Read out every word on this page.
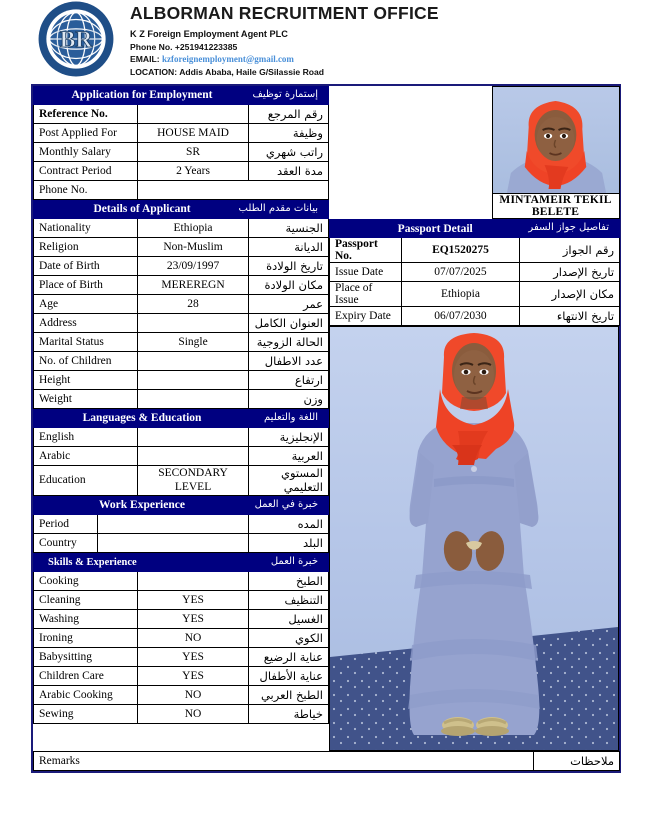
BR
ALBORMAN RECRUITMENT OFFICE
K Z Foreign Employment Agent PLC
Phone No. +251941223385
EMAIL: kzforeignemployment@gmail.com
LOCATION: Addis Ababa, Haile G/Silassie Road
Application for Employment إستمارة توظيف		

Reference No.		رقم المرجع
Post Applied For	HOUSE MAID	وظيفة
Monthly Salary	SR	راتب شهري
Contract Period	2 Years	مدة العقد
Phone No.		
Details of Applicant بيانات مقدم الطلب		

Nationality	Ethiopia	الجنسية
Religion	Non-Muslim	الديانة
Date of Birth	23/09/1997	تاريخ الولادة
Place of Birth	MEREREGN	مكان الولادة
Age	28	عمر
Address		العنوان الكامل
Marital Status	Single	الحالة الزوجية
No. of Children		عدد الاطفال
Height		ارتفاع
Weight		وزن
Languages & Education اللغة والتعليم		

English		الإنجليزية
Arabic		العربية
Education	SECONDARY LEVEL	المستوي التعليمي
Work Experience خبرة في العمل		

Period		المده
Country		البلد
Skills & Experience خبرة العمل		

Cooking		الطبخ
Cleaning	YES	التنظيف
Washing	YES	الغسيل
Ironing	NO	الكوي
Babysitting	YES	عناية الرضيع
Children Care	YES	عناية الأطفال
Arabic Cooking	NO	الطبخ العربي
Sewing	NO	خياطة

	MINTAMEIR TEKIL BELETE
Passport Detail تفاصيل جواز السفر		

Passport No.	EQ1520275	رقم الجواز
Issue Date	07/07/2025	تاريخ الإصدار
Place of Issue	Ethiopia	مكان الإصدار
Expiry Date	06/07/2030	تاريخ الانتهاء
Remarks	ملاحظات
